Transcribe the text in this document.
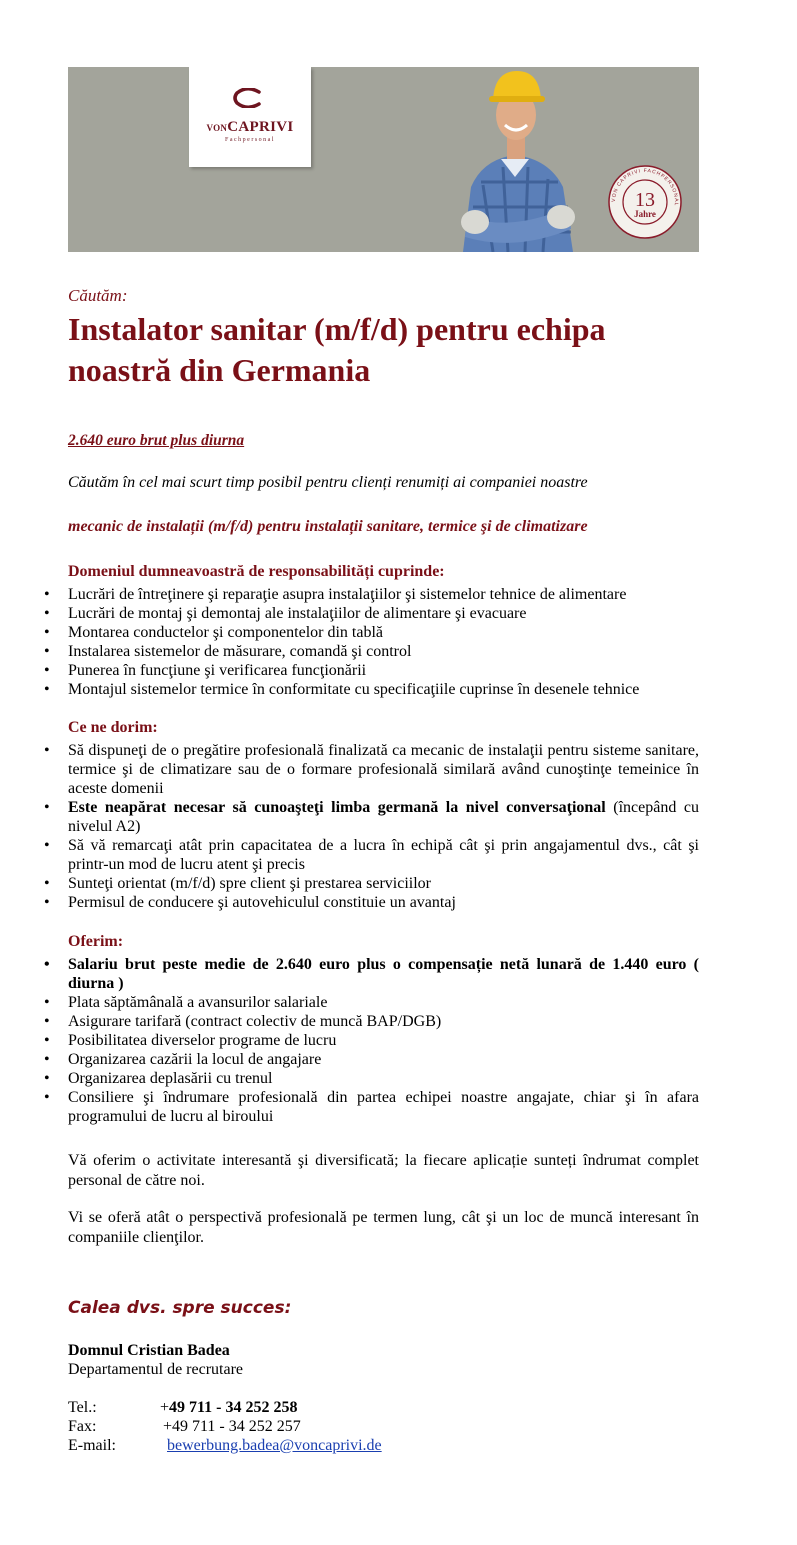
VONCAPRIVI
Fachpersonal
VON CAPRIVI FACHPERSONAL
13
Jahre
Căutăm:
Instalator sanitar (m/f/d) pentru echipa
noastră din Germania
2.640 euro brut plus diurna
Căutăm în cel mai scurt timp posibil pentru clienți renumiți ai companiei noastre
mecanic de instalații (m/f/d) pentru instalații sanitare, termice şi de climatizare
Domeniul dumneavoastră de responsabilități cuprinde:
• Lucrări de întreţinere şi reparaţie asupra instalaţiilor şi sistemelor tehnice de alimentare
• Lucrări de montaj şi demontaj ale instalaţiilor de alimentare şi evacuare
• Montarea conductelor şi componentelor din tablă
• Instalarea sistemelor de măsurare, comandă şi control
• Punerea în funcţiune şi verificarea funcţionării
• Montajul sistemelor termice în conformitate cu specificaţiile cuprinse în desenele tehnice
Ce ne dorim:
• Să dispuneţi de o pregătire profesională finalizată ca mecanic de instalaţii pentru sisteme sanitare, termice şi de climatizare sau de o formare profesională similară având cunoştinţe temeinice în aceste domenii
• Este neapărat necesar să cunoaşteţi limba germană la nivel conversaţional (începând cu nivelul A2)
• Să vă remarcaţi atât prin capacitatea de a lucra în echipă cât şi prin angajamentul dvs., cât şi printr-un mod de lucru atent şi precis
• Sunteţi orientat (m/f/d) spre client şi prestarea serviciilor
• Permisul de conducere şi autovehiculul constituie un avantaj
Oferim:
• Salariu brut peste medie de 2.640 euro plus o compensație netă lunară de 1.440 euro ( diurna )
• Plata săptămânală a avansurilor salariale
• Asigurare tarifară (contract colectiv de muncă BAP/DGB)
• Posibilitatea diverselor programe de lucru
• Organizarea cazării la locul de angajare
• Organizarea deplasării cu trenul
• Consiliere şi îndrumare profesională din partea echipei noastre angajate, chiar şi în afara programului de lucru al biroului
Vă oferim o activitate interesantă şi diversificată; la fiecare aplicație sunteți îndrumat complet personal de către noi.
Vi se oferă atât o perspectivă profesională pe termen lung, cât şi un loc de muncă interesant în companiile clienţilor.
Calea dvs. spre succes:
Domnul Cristian Badea
Departamentul de recrutare
Tel.:	+49 711 - 34 252 258
Fax:	+49 711 - 34 252 257
E-mail:	bewerbung.badea@voncaprivi.de
